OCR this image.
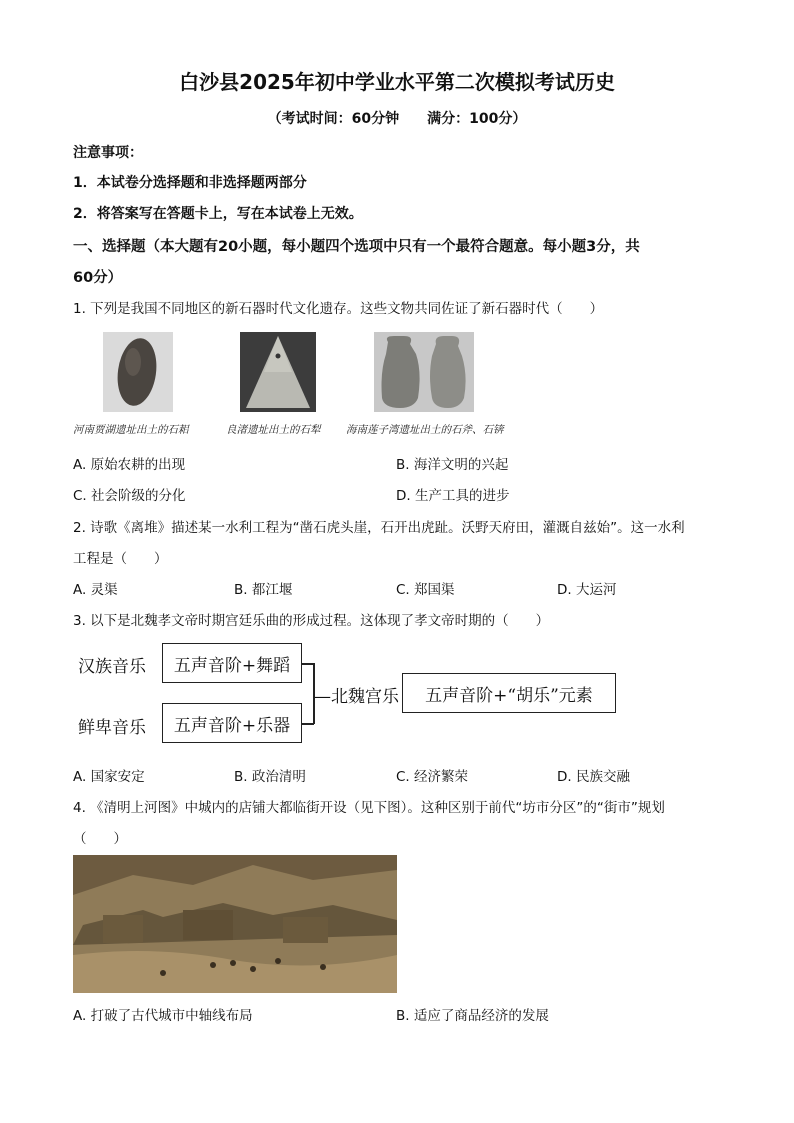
白沙县2025年初中学业水平第二次模拟考试历史
（考试时间：60分钟　　满分：100分）
注意事项：
1．本试卷分选择题和非选择题两部分
2．将答案写在答题卡上，写在本试卷上无效。
一、选择题（本大题有20小题，每小题四个选项中只有一个最符合题意。每小题3分，共
60分）
1. 下列是我国不同地区的新石器时代文化遗存。这些文物共同佐证了新石器时代（　　）
河南贾湖遗址出土的石耜	良渚遗址出土的石犁 海南莲子湾遗址出土的石斧、石锛
A. 原始农耕的出现	B. 海洋文明的兴起
C. 社会阶级的分化	D. 生产工具的进步
2. 诗歌《离堆》描述某一水利工程为“凿石虎头崖，石开出虎趾。沃野天府田，灌溉自兹始”。这一水利
工程是（　　）
A. 灵渠	B. 都江堰	C. 郑国渠	D. 大运河
3. 以下是北魏孝文帝时期宫廷乐曲的形成过程。这体现了孝文帝时期的（　　）
汉族音乐	五声音阶+舞蹈
鲜卑音乐	五声音阶+乐器
—北魏宫乐	五声音阶+“胡乐”元素
A. 国家安定	B. 政治清明	C. 经济繁荣	D. 民族交融
4. 《清明上河图》中城内的店铺大都临街开设（见下图）。这种区别于前代“坊市分区”的“街市”规划
（　　）
A. 打破了古代城市中轴线布局	B. 适应了商品经济的发展
